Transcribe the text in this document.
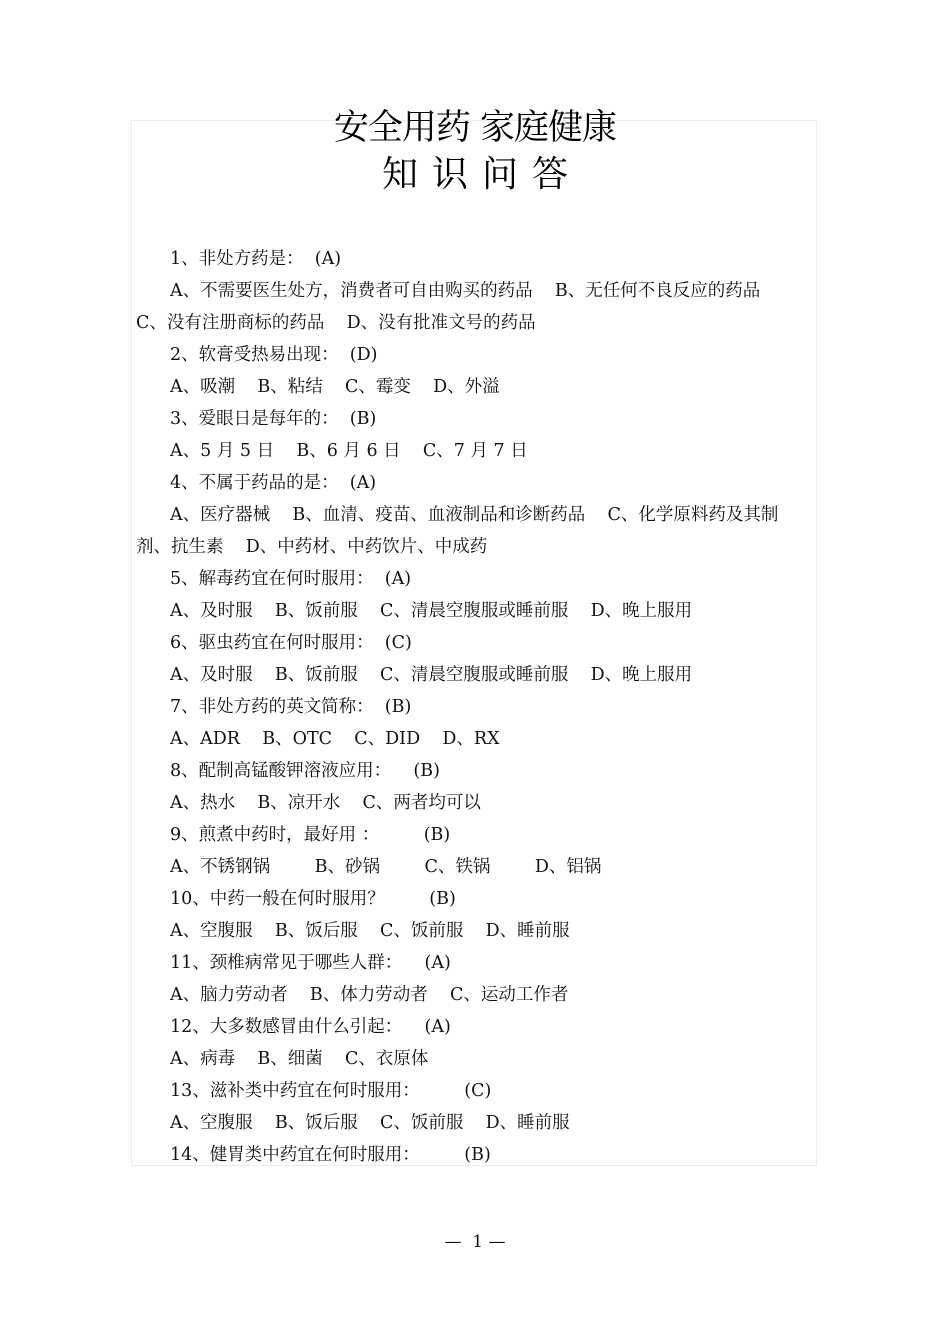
安全用药 家庭健康
知识问答
1、非处方药是：  (A)
A、不需要医生处方，消费者可自由购买的药品    B、无任何不良反应的药品
C、没有注册商标的药品    D、没有批准文号的药品
2、软膏受热易出现：  (D)
A、吸潮    B、粘结    C、霉变    D、外溢
3、爱眼日是每年的：  (B)
A、5 月 5 日    B、6 月 6 日    C、7 月 7 日
4、不属于药品的是：  (A)
A、医疗器械    B、血清、疫苗、血液制品和诊断药品    C、化学原料药及其制
剂、抗生素    D、中药材、中药饮片、中成药
5、解毒药宜在何时服用：  (A)
A、及时服    B、饭前服    C、清晨空腹服或睡前服    D、晚上服用
6、驱虫药宜在何时服用：  (C)
A、及时服    B、饭前服    C、清晨空腹服或睡前服    D、晚上服用
7、非处方药的英文简称：  (B)
A、ADR    B、OTC    C、DID    D、RX
8、配制高锰酸钾溶液应用：    (B)
A、热水    B、凉开水    C、两者均可以
9、煎煮中药时，最好用 ：        (B)
A、不锈钢锅        B、砂锅        C、铁锅        D、铝锅
10、中药一般在何时服用？        (B)
A、空腹服    B、饭后服    C、饭前服    D、睡前服
11、颈椎病常见于哪些人群：    (A)
A、脑力劳动者    B、体力劳动者    C、运动工作者
12、大多数感冒由什么引起：    (A)
A、病毒    B、细菌    C、衣原体
13、滋补类中药宜在何时服用：        (C)
A、空腹服    B、饭后服    C、饭前服    D、睡前服
14、健胃类中药宜在何时服用：        (B)
—  1 —
